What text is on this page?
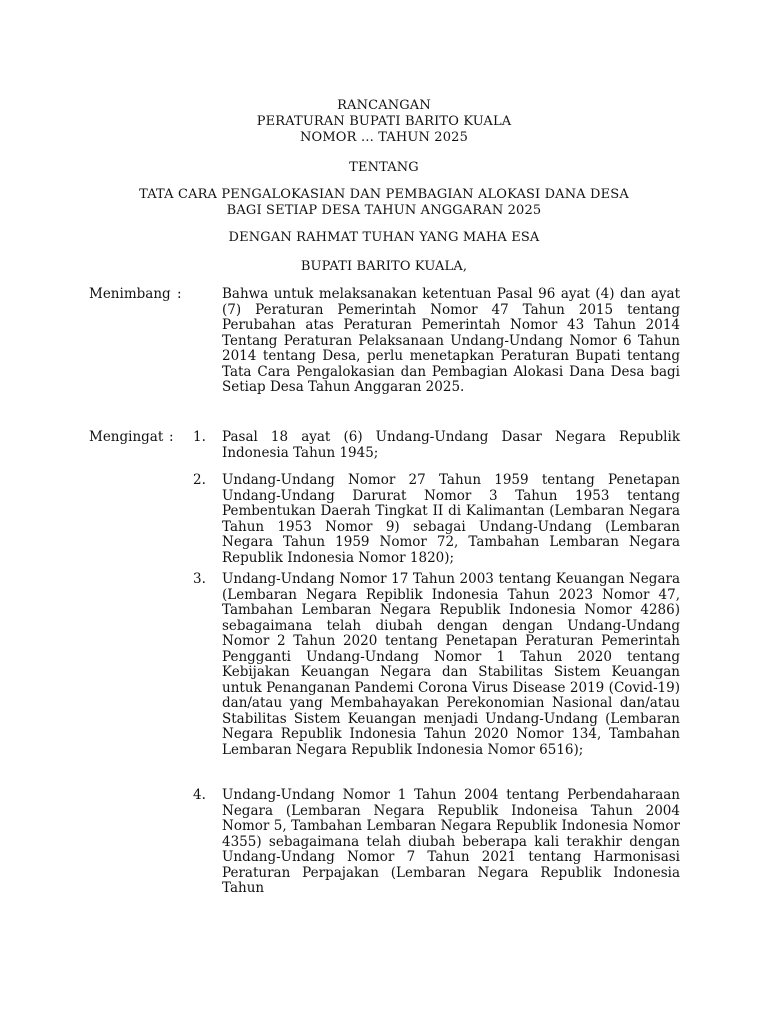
RANCANGAN
PERATURAN BUPATI BARITO KUALA
NOMOR … TAHUN 2025
TENTANG
TATA CARA PENGALOKASIAN DAN PEMBAGIAN ALOKASI DANA DESA
BAGI SETIAP DESA TAHUN ANGGARAN 2025
DENGAN RAHMAT TUHAN YANG MAHA ESA
BUPATI BARITO KUALA,
Menimbang :	Bahwa untuk melaksanakan ketentuan Pasal 96 ayat (4) dan ayat (7) Peraturan Pemerintah Nomor 47 Tahun 2015 tentang Perubahan atas Peraturan Pemerintah Nomor 43 Tahun 2014 Tentang Peraturan Pelaksanaan Undang-Undang Nomor 6 Tahun 2014 tentang Desa, perlu menetapkan Peraturan Bupati tentang Tata Cara Pengalokasian dan Pembagian Alokasi Dana Desa bagi Setiap Desa Tahun Anggaran 2025.
Mengingat : 1.	Pasal 18 ayat (6) Undang-Undang Dasar Negara Republik Indonesia Tahun 1945;
2.	Undang-Undang Nomor 27 Tahun 1959 tentang Penetapan Undang-Undang Darurat Nomor 3 Tahun 1953 tentang Pembentukan Daerah Tingkat II di Kalimantan (Lembaran Negara Tahun 1953 Nomor 9) sebagai Undang-Undang (Lembaran Negara Tahun 1959 Nomor 72, Tambahan Lembaran Negara Republik Indonesia Nomor 1820);
3.	Undang-Undang Nomor 17 Tahun 2003 tentang Keuangan Negara (Lembaran Negara Repiblik Indonesia Tahun 2023 Nomor 47, Tambahan Lembaran Negara Republik Indonesia Nomor 4286) sebagaimana telah diubah dengan dengan Undang-Undang Nomor 2 Tahun 2020 tentang Penetapan Peraturan Pemerintah Pengganti Undang-Undang Nomor 1 Tahun 2020 tentang Kebijakan Keuangan Negara dan Stabilitas Sistem Keuangan untuk Penanganan Pandemi Corona Virus Disease 2019 (Covid-19) dan/atau yang Membahayakan Perekonomian Nasional dan/atau Stabilitas Sistem Keuangan menjadi Undang-Undang (Lembaran Negara Republik Indonesia Tahun 2020 Nomor 134, Tambahan Lembaran Negara Republik Indonesia Nomor 6516);
4.	Undang-Undang Nomor 1 Tahun 2004 tentang Perbendaharaan Negara (Lembaran Negara Republik Indoneisa Tahun 2004 Nomor 5, Tambahan Lembaran Negara Republik Indonesia Nomor 4355) sebagaimana telah diubah beberapa kali terakhir dengan Undang-Undang Nomor 7 Tahun 2021 tentang Harmonisasi Peraturan Perpajakan (Lembaran Negara Republik Indonesia Tahun
